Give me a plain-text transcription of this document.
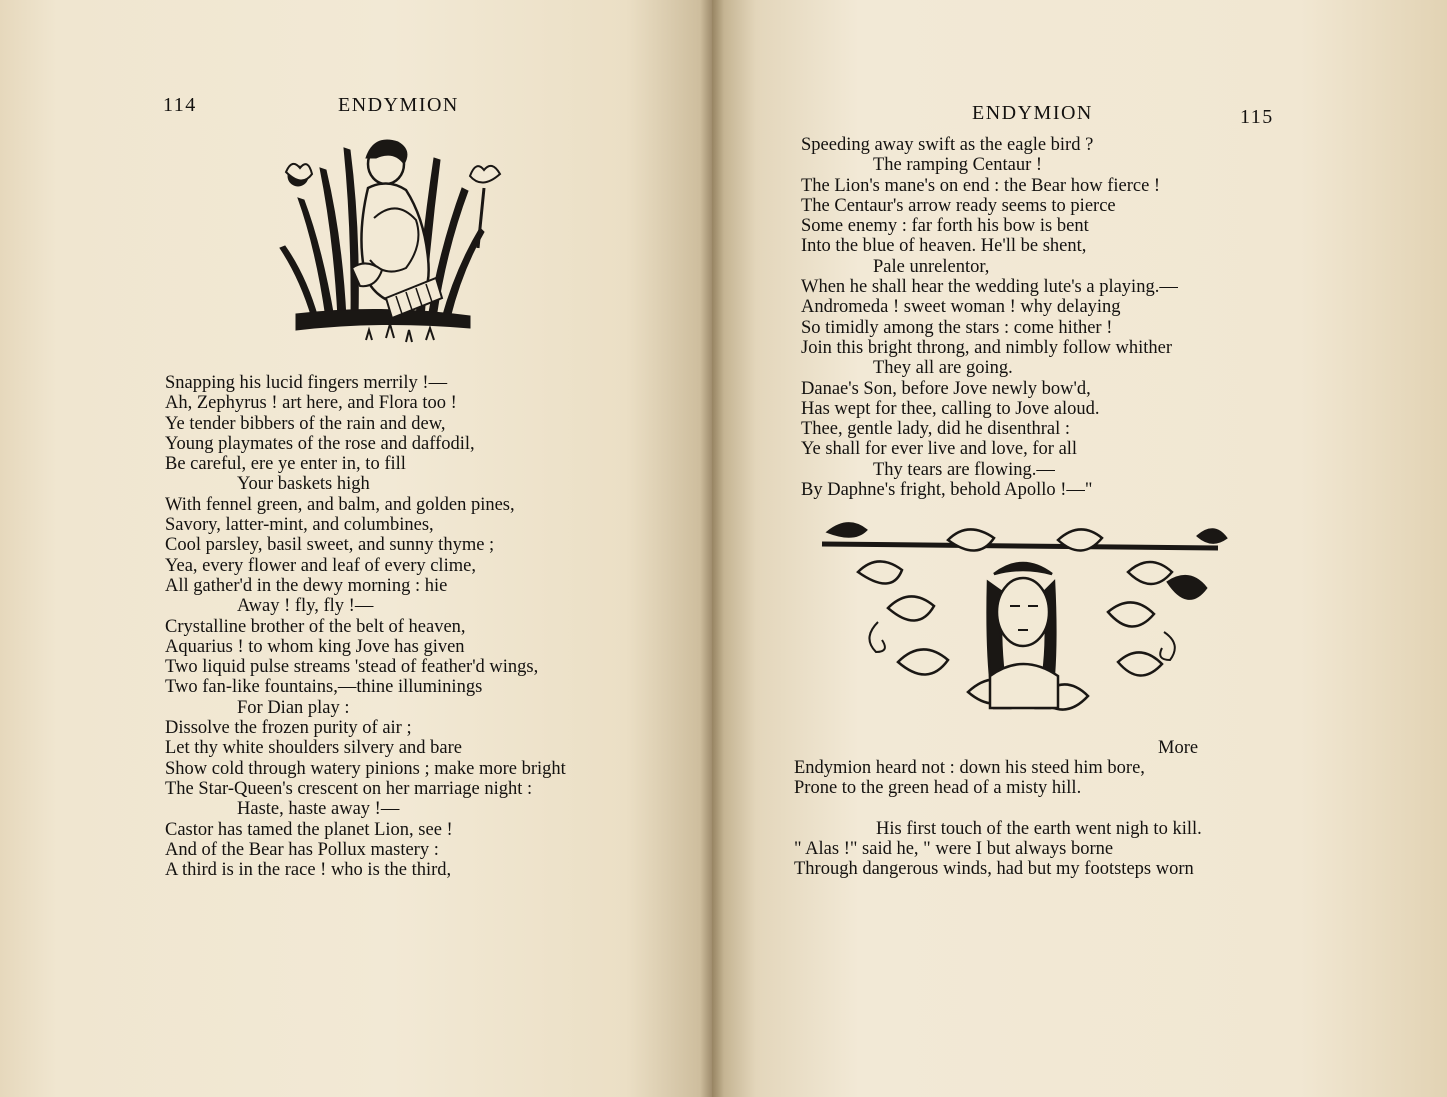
114	ENDYMION
Snapping his lucid fingers merrily !—
Ah, Zephyrus ! art here, and Flora too !
Ye tender bibbers of the rain and dew,
Young playmates of the rose and daffodil,
Be careful, ere ye enter in, to fill
Your baskets high
With fennel green, and balm, and golden pines,
Savory, latter-mint, and columbines,
Cool parsley, basil sweet, and sunny thyme ;
Yea, every flower and leaf of every clime,
All gather'd in the dewy morning : hie
Away ! fly, fly !—
Crystalline brother of the belt of heaven,
Aquarius ! to whom king Jove has given
Two liquid pulse streams 'stead of feather'd wings,
Two fan-like fountains,—thine illuminings
For Dian play :
Dissolve the frozen purity of air ;
Let thy white shoulders silvery and bare
Show cold through watery pinions ; make more bright
The Star-Queen's crescent on her marriage night :
Haste, haste away !—
Castor has tamed the planet Lion, see !
And of the Bear has Pollux mastery :
A third is in the race ! who is the third,
ENDYMION	115
Speeding away swift as the eagle bird ?
The ramping Centaur !
The Lion's mane's on end : the Bear how fierce !
The Centaur's arrow ready seems to pierce
Some enemy : far forth his bow is bent
Into the blue of heaven. He'll be shent,
Pale unrelentor,
When he shall hear the wedding lute's a playing.—
Andromeda ! sweet woman ! why delaying
So timidly among the stars : come hither !
Join this bright throng, and nimbly follow whither
They all are going.
Danae's Son, before Jove newly bow'd,
Has wept for thee, calling to Jove aloud.
Thee, gentle lady, did he disenthral :
Ye shall for ever live and love, for all
Thy tears are flowing.—
By Daphne's fright, behold Apollo !—"
More
Endymion heard not : down his steed him bore,
Prone to the green head of a misty hill.
His first touch of the earth went nigh to kill.
" Alas !" said he, " were I but always borne
Through dangerous winds, had but my footsteps worn
